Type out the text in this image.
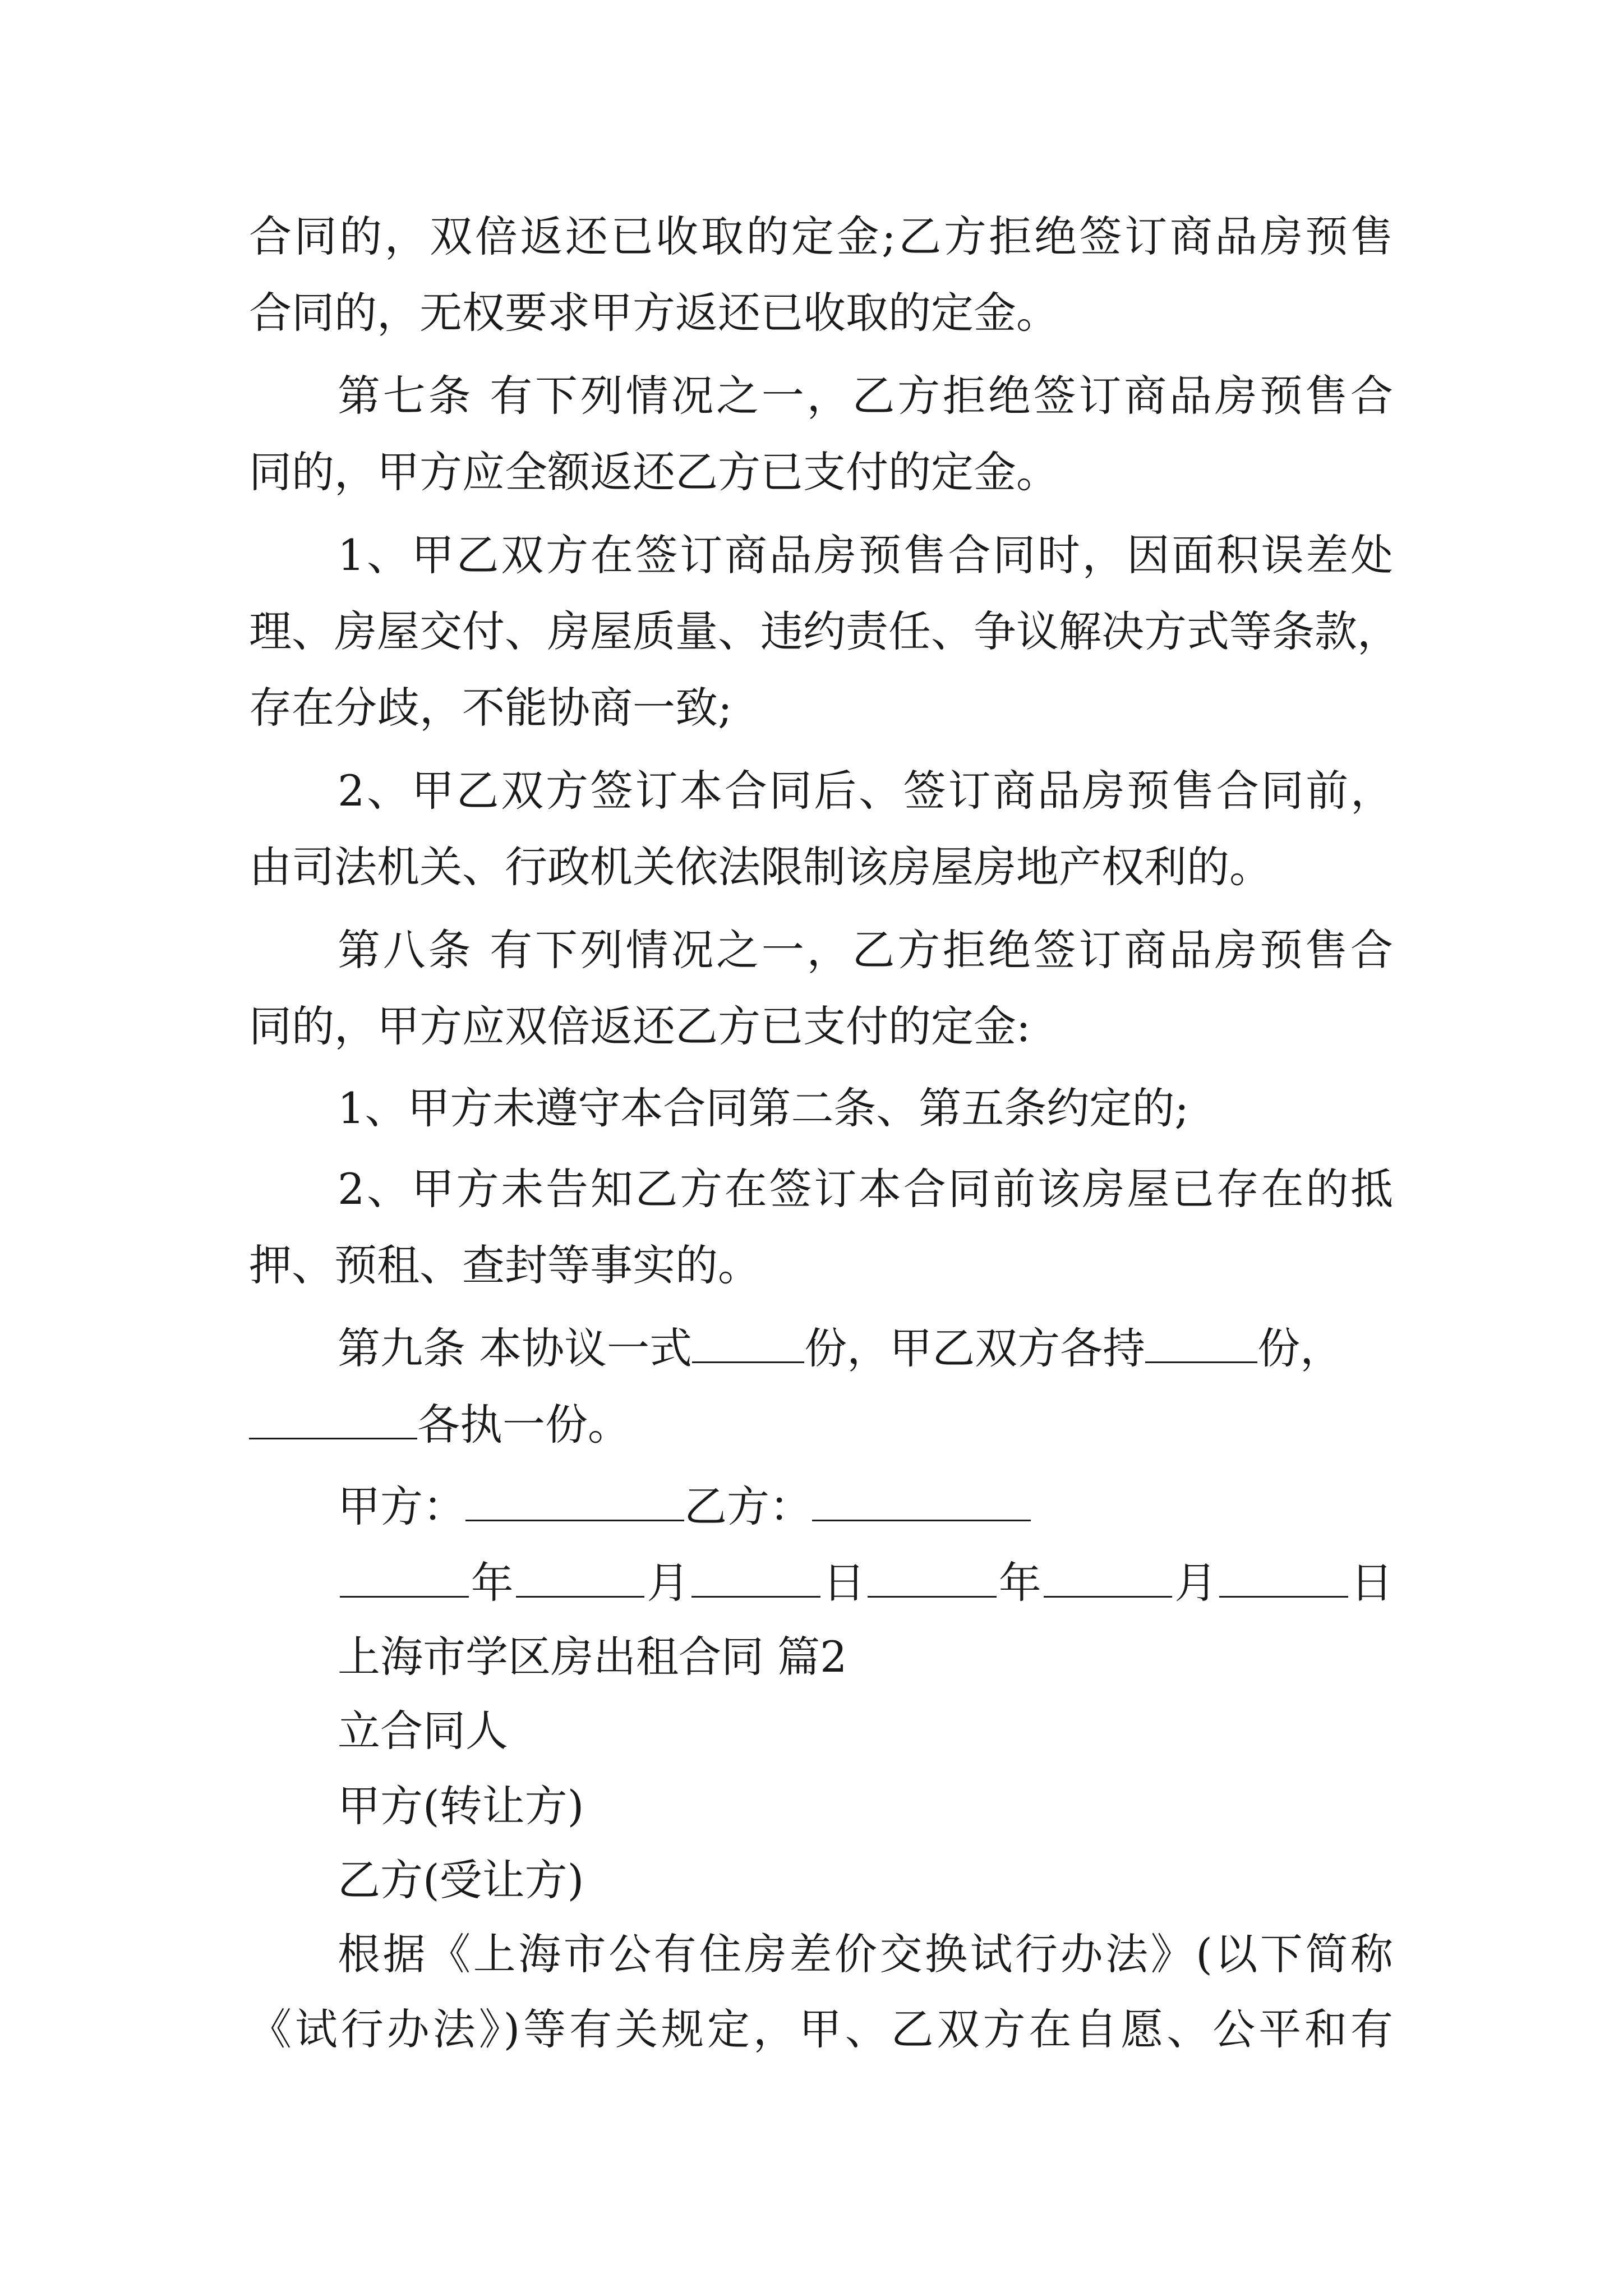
合同的，双倍返还已收取的定金;乙方拒绝签订商品房预售
合同的，无权要求甲方返还已收取的定金。
第七条 有下列情况之一，乙方拒绝签订商品房预售合
同的，甲方应全额返还乙方已支付的定金。
1、甲乙双方在签订商品房预售合同时，因面积误差处
理、房屋交付、房屋质量、违约责任、争议解决方式等条款，
存在分歧，不能协商一致;
2、甲乙双方签订本合同后、签订商品房预售合同前，
由司法机关、行政机关依法限制该房屋房地产权利的。
第八条 有下列情况之一，乙方拒绝签订商品房预售合
同的，甲方应双倍返还乙方已支付的定金:
1、甲方未遵守本合同第二条、第五条约定的;
2、甲方未告知乙方在签订本合同前该房屋已存在的抵
押、预租、查封等事实的。
第九条 本协议一式	份，甲乙双方各持	份，
各执一份。
甲方：	乙方：
年	月	日	年	月	日
上海市学区房出租合同 篇2
立合同人
甲方(转让方)
乙方(受让方)
根据《上海市公有住房差价交换试行办法》(以下简称
《试行办法》)等有关规定，甲、乙双方在自愿、公平和有
